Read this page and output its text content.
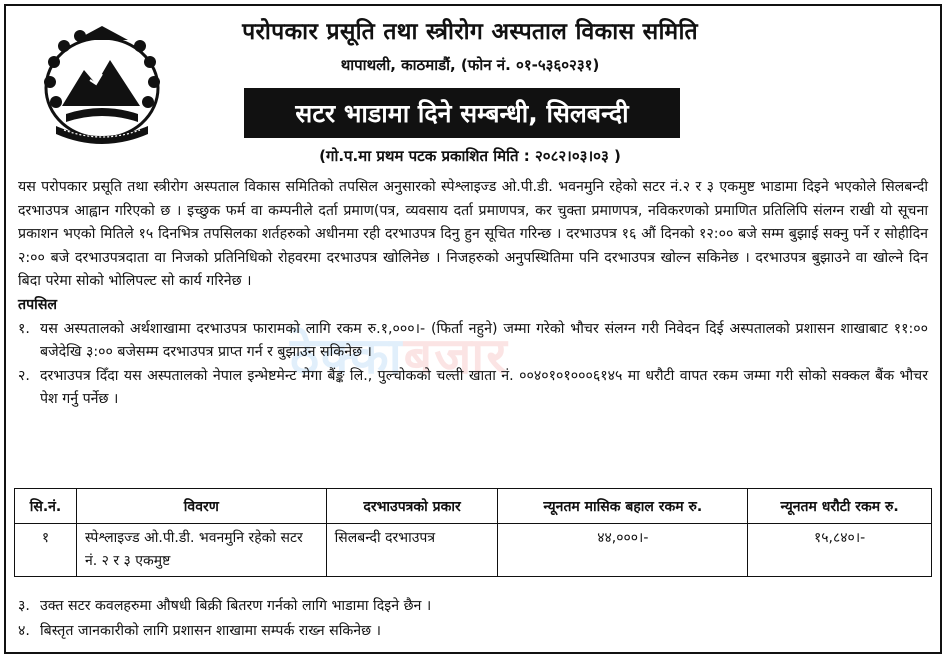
परोपकार प्रसूति तथा स्त्रीरोग अस्पताल विकास समिति
थापाथली, काठमाडौं, (फोन नं. ०१-५३६०२३१)
सटर भाडामा दिने सम्बन्धी, सिलबन्दी
(गो.प.मा प्रथम पटक प्रकाशित मिति : २०८२।०३।०३ )
ठेक्काबजार

यस परोपकार प्रसूति तथा स्त्रीरोग अस्पताल विकास समितिको तपसिल अनुसारको स्पेश्लाइज्ड ओ.पी.डी. भवनमुनि रहेको सटर नं.२ र ३ एकमुष्ट भाडामा दिइने भएकोले सिलबन्दी दरभाउपत्र आह्वान गरिएको छ । इच्छुक फर्म वा कम्पनीले दर्ता प्रमाण(पत्र, व्यवसाय दर्ता प्रमाणपत्र, कर चुक्ता प्रमाणपत्र, नविकरणको प्रमाणित प्रतिलिपि संलग्न राखी यो सूचना प्रकाशन भएको मितिले १५ दिनभित्र तपसिलका शर्तहरुको अधीनमा रही दरभाउपत्र दिनु हुन सूचित गरिन्छ । दरभाउपत्र १६ औं दिनको १२:०० बजे सम्म बुझाई सक्नु पर्ने र सोहीदिन २:०० बजे दरभाउपत्रदाता वा निजको प्रतिनिधिको रोहवरमा दरभाउपत्र खोलिनेछ । निजहरुको अनुपस्थितिमा पनि दरभाउपत्र खोल्न सकिनेछ । दरभाउपत्र बुझाउने वा खोल्ने दिन बिदा परेमा सोको भोलिपल्ट सो कार्य गरिनेछ ।

तपसिल

१. यस अस्पतालको अर्थशाखामा दरभाउपत्र फारामको लागि रकम रु.१,०००।- (फिर्ता नहुने) जम्मा गरेको भौचर संलग्न गरी निवेदन दिई अस्पतालको प्रशासन शाखाबाट ११:०० बजेदेखि ३:०० बजेसम्म दरभाउपत्र प्राप्त गर्न र बुझाउन सकिनेछ ।
२. दरभाउपत्र दिँदा यस अस्पतालको नेपाल इन्भेष्टमेन्ट मेगा बैंङ्क लि., पुल्चोकको चल्ती खाता नं. ००४०१०१०००६१४५ मा धरौटी वापत रकम जम्मा गरी सोको सक्कल बैंक भौचर पेश गर्नु पर्नेछ ।
सि.नं.	विवरण	दरभाउपत्रको प्रकार	न्यूनतम मासिक बहाल रकम रु.	न्यूनतम धरौटी रकम रु.
१	स्पेश्लाइज्ड ओ.पी.डी. भवनमुनि रहेको सटर नं. २ र ३ एकमुष्ट	सिलबन्दी दरभाउपत्र	४४,०००।-	१५,८४०।-
३. उक्त सटर कवलहरुमा औषधी बिक्री बितरण गर्नको लागि भाडामा दिइने छैन ।
४. बिस्तृत जानकारीको लागि प्रशासन शाखामा सम्पर्क राख्न सकिनेछ ।
